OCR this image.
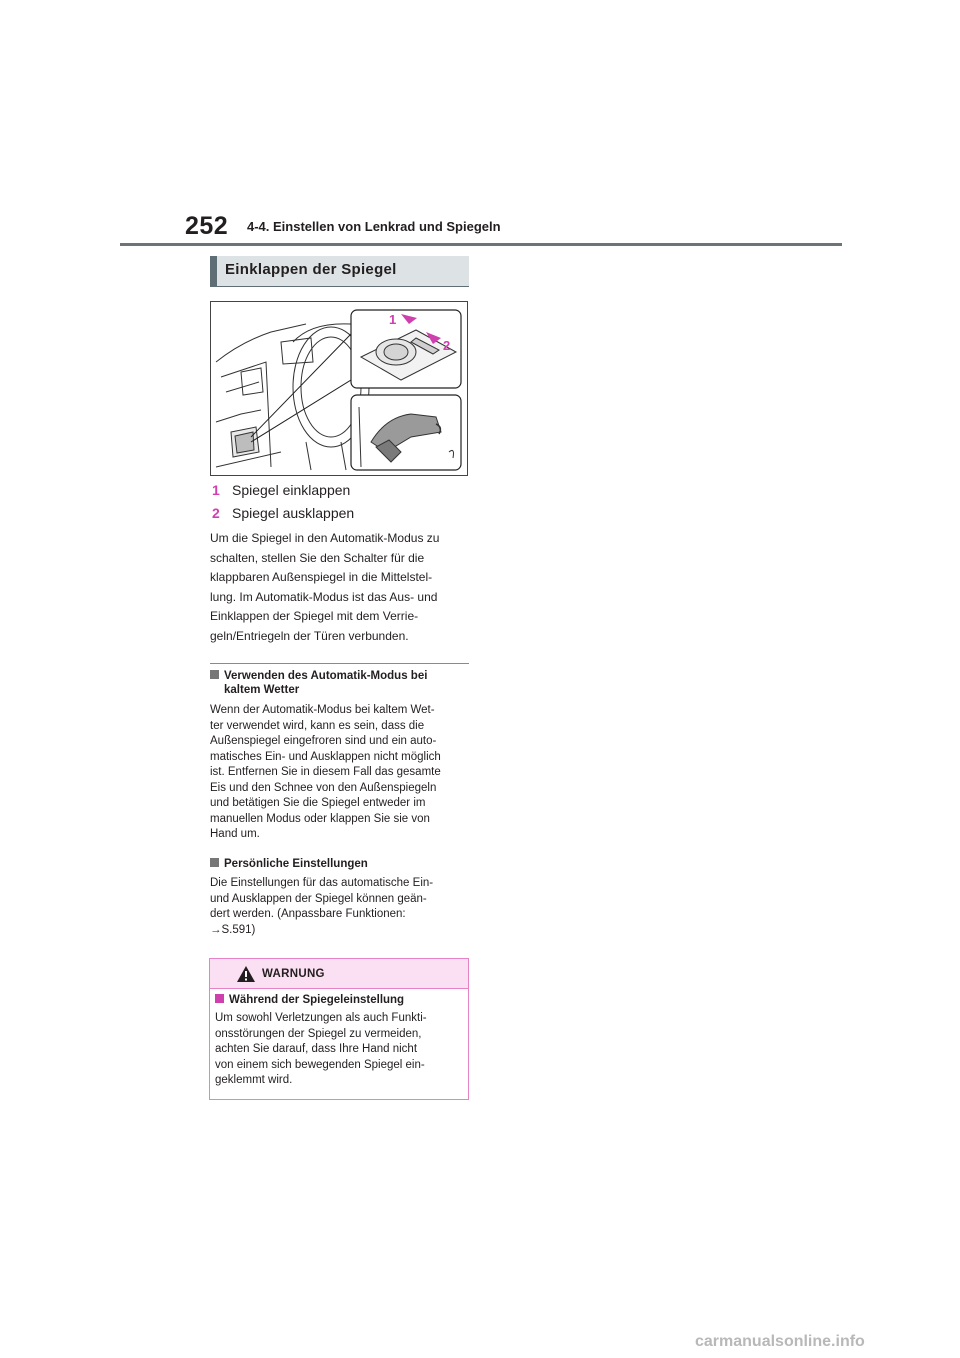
252 4-4. Einstellen von Lenkrad und Spiegeln
Einklappen der Spiegel
1
2
1 Spiegel einklappen
2 Spiegel ausklappen
Um die Spiegel in den Automatik-Modus zu
schalten, stellen Sie den Schalter für die
klappbaren Außenspiegel in die Mittelstel-
lung. Im Automatik-Modus ist das Aus- und
Einklappen der Spiegel mit dem Verrie-
geln/Entriegeln der Türen verbunden.
Verwenden des Automatik-Modus bei
kaltem Wetter
Wenn der Automatik-Modus bei kaltem Wet-
ter verwendet wird, kann es sein, dass die
Außenspiegel eingefroren sind und ein auto-
matisches Ein- und Ausklappen nicht möglich
ist. Entfernen Sie in diesem Fall das gesamte
Eis und den Schnee von den Außenspiegeln
und betätigen Sie die Spiegel entweder im
manuellen Modus oder klappen Sie sie von
Hand um.
Persönliche Einstellungen
Die Einstellungen für das automatische Ein-
und Ausklappen der Spiegel können geän-
dert werden. (Anpassbare Funktionen:
→S.591)
WARNUNG
Während der Spiegeleinstellung
Um sowohl Verletzungen als auch Funkti-
onsstörungen der Spiegel zu vermeiden,
achten Sie darauf, dass Ihre Hand nicht
von einem sich bewegenden Spiegel ein-
geklemmt wird.
carmanualsonline.info
